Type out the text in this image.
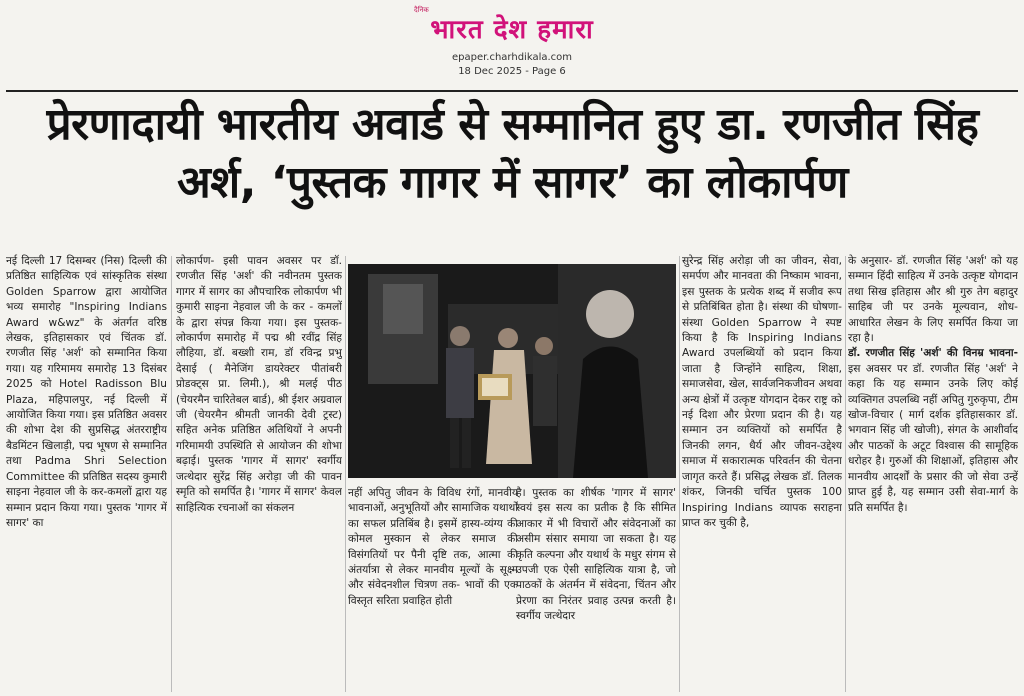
दैनिक
भारत देश हमारा
epaper.charhdikala.com
18 Dec 2025 - Page 6
प्रेरणादायी भारतीय अवार्ड से सम्मानित हुए डा. रणजीत सिंह अर्श, ‘पुस्तक गागर में सागर’ का लोकार्पण

नई दिल्ली 17 दिसम्बर (निस) दिल्ली की प्रतिष्ठित साहित्यिक एवं सांस्कृतिक संस्था Golden Sparrow द्वारा आयोजित भव्य समारोह "Inspiring Indians Award w&wz" के अंतर्गत वरिष्ठ लेखक, इतिहासकार एवं चिंतक डॉ. रणजीत सिंह 'अर्श' को सम्मानित किया गया। यह गरिमामय समारोह 13 दिसंबर 2025 को Hotel Radisson Blu Plaza, महिपालपुर, नई दिल्ली में आयोजित किया गया। इस प्रतिष्ठित अवसर की शोभा देश की सुप्रसिद्ध अंतरराष्ट्रीय बैडमिंटन खिलाड़ी, पद्म भूषण से सम्मानित तथा Padma Shri Selection Committee की प्रतिष्ठित सदस्य कुमारी साइना नेहवाल जी के कर-कमलों द्वारा यह सम्मान प्रदान किया गया। पुस्तक 'गागर में सागर' का

लोकार्पण- इसी पावन अवसर पर डॉ. रणजीत सिंह 'अर्श' की नवीनतम पुस्तक गागर में सागर का औपचारिक लोकार्पण भी कुमारी साइना नेहवाल जी के कर - कमलों के द्वारा संपन्न किया गया। इस पुस्तक-लोकार्पण समारोह में पद्म श्री रवींद्र सिंह लौहिया, डॉ. बख्शी राम, डॉ रविन्द्र प्रभु देसाई ( मैनेजिंग डायरेक्टर पीतांबरी प्रोडक्ट्स प्रा. लिमी.), श्री मलई पीठ (चेयरमैन चारितेबल बार्ड), श्री ईशर अग्रवाल जी (चेयरमैन श्रीमती जानकी देवी ट्रस्ट) सहित अनेक प्रतिष्ठित अतिथियों ने अपनी गरिमामयी उपस्थिति से आयोजन की शोभा बढ़ाई। पुस्तक 'गागर में सागर' स्वर्गीय जत्थेदार सुरेंद्र सिंह अरोड़ा जी की पावन स्मृति को समर्पित है। 'गागर में सागर' केवल साहित्यिक रचनाओं का संकलन

नहीं अपितु जीवन के विविध रंगों, मानवीय भावनाओं, अनुभूतियों और सामाजिक यथार्थों का सफल प्रतिबिंब है। इसमें हास्य-व्यंग्य की कोमल मुस्कान से लेकर समाज की विसंगतियों पर पैनी दृष्टि तक, आत्मा की अंतर्यात्रा से लेकर मानवीय मूल्यों के सूक्ष्म और संवेदनशील चित्रण तक- भावों की एक विस्तृत सरिता प्रवाहित होती

है। पुस्तक का शीर्षक 'गागर में सागर' स्वयं इस सत्य का प्रतीक है कि सीमित आकार में भी विचारों और संवेदनाओं का असीम संसार समाया जा सकता है। यह कृति कल्पना और यथार्थ के मधुर संगम से उपजी एक ऐसी साहित्यिक यात्रा है, जो पाठकों के अंतर्मन में संवेदना, चिंतन और प्रेरणा का निरंतर प्रवाह उत्पन्न करती है। स्वर्गीय जत्थेदार

सुरेन्द्र सिंह अरोड़ा जी का जीवन, सेवा, समर्पण और मानवता की निष्काम भावना, इस पुस्तक के प्रत्येक शब्द में सजीव रूप से प्रतिबिंबित होता है। संस्था की घोषणा- संस्था Golden Sparrow ने स्पष्ट किया है कि Inspiring Indians Award उपलब्धियों को प्रदान किया जाता है जिन्होंने साहित्य, शिक्षा, समाजसेवा, खेल, सार्वजनिकजीवन अथवा अन्य क्षेत्रों में उत्कृष्ट योगदान देकर राष्ट्र को नई दिशा और प्रेरणा प्रदान की है। यह सम्मान उन व्यक्तियों को समर्पित है जिनकी लगन, धैर्य और जीवन-उद्देश्य समाज में सकारात्मक परिवर्तन की चेतना जागृत करते हैं। प्रसिद्ध लेखक डॉ. तिलक शंकर, जिनकी चर्चित पुस्तक 100 Inspiring Indians व्यापक सराहना प्राप्त कर चुकी है,

के अनुसार- डॉ. रणजीत सिंह 'अर्श' को यह सम्मान हिंदी साहित्य में उनके उत्कृष्ट योगदान तथा सिख इतिहास और श्री गुरु तेग बहादुर साहिब जी पर उनके मूल्यवान, शोध-आधारित लेखन के लिए समर्पित किया जा रहा है।

डॉ. रणजीत सिंह 'अर्श' की विनम्र भावना- इस अवसर पर डॉ. रणजीत सिंह 'अर्श' ने कहा कि यह सम्मान उनके लिए कोई व्यक्तिगत उपलब्धि नहीं अपितु गुरुकृपा, टीम खोज-विचार ( मार्ग दर्शक इतिहासकार डॉ. भगवान सिंह जी खोजी), संगत के आशीर्वाद और पाठकों के अटूट विश्वास की सामूहिक धरोहर है। गुरुओं की शिक्षाओं, इतिहास और मानवीय आदर्शों के प्रसार की जो सेवा उन्हें प्राप्त हुई है, यह सम्मान उसी सेवा-मार्ग के प्रति समर्पित है।
